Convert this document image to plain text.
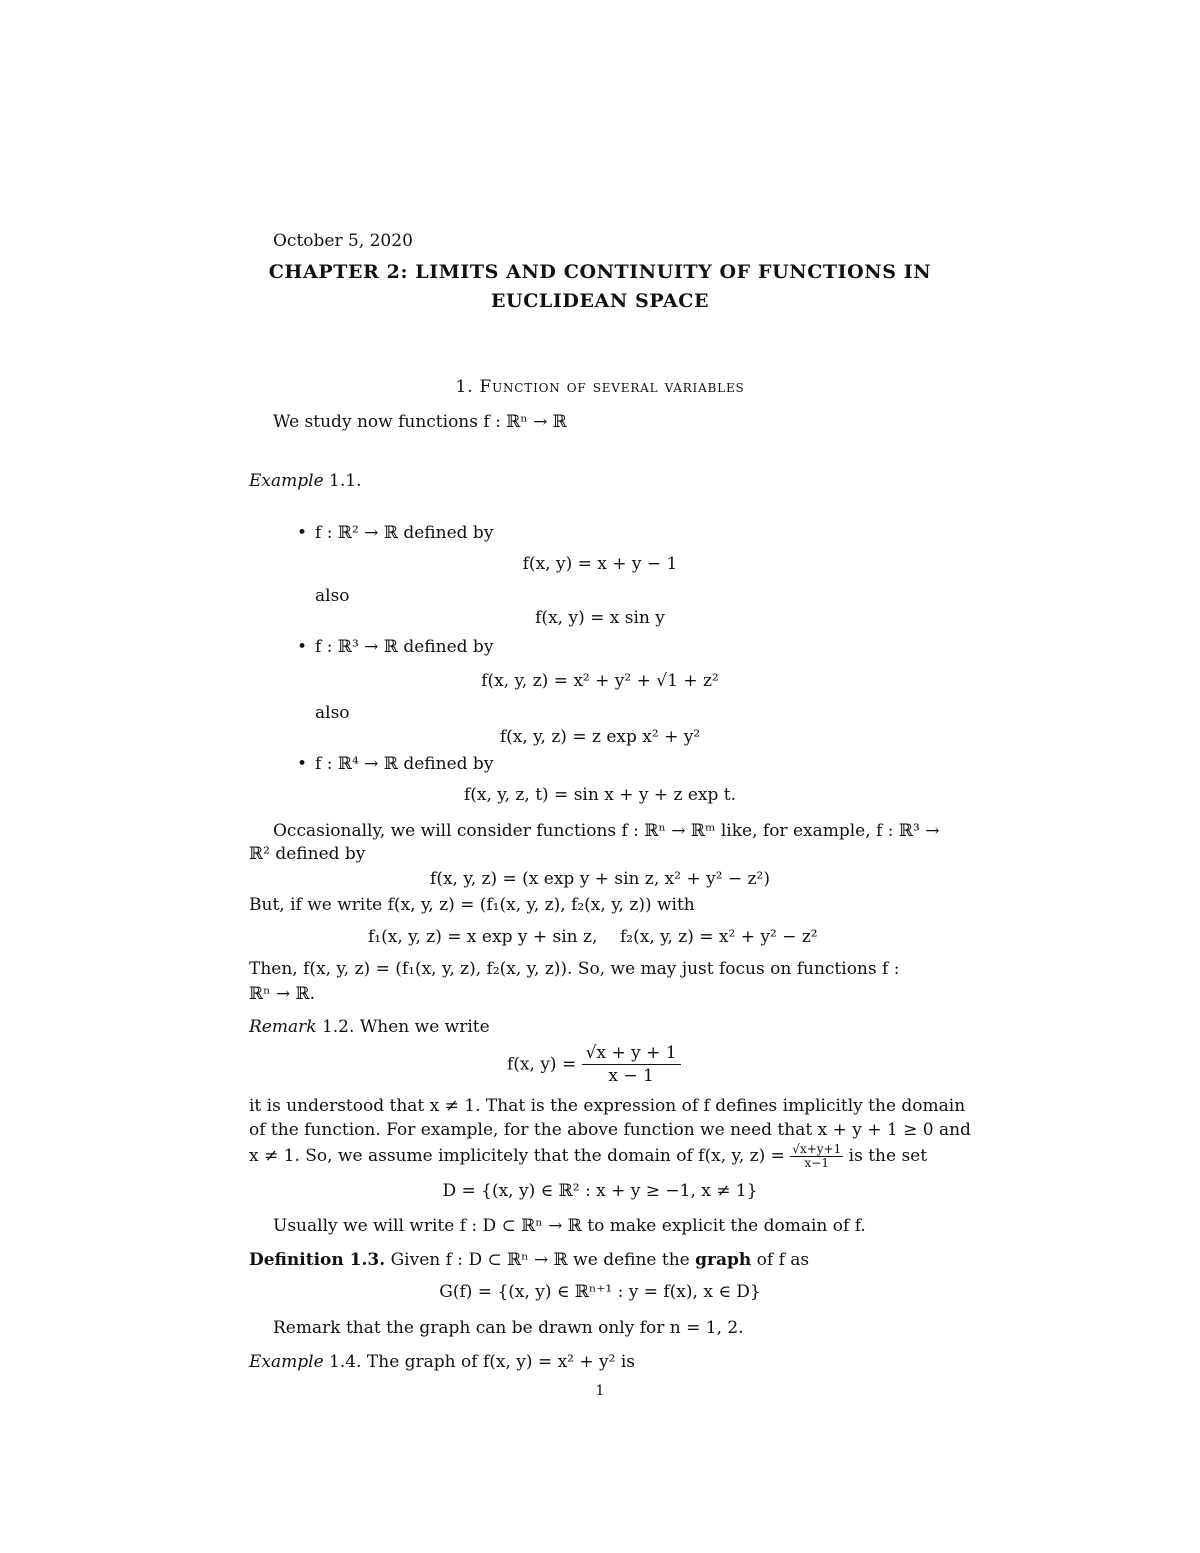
October 5, 2020
CHAPTER 2: LIMITS AND CONTINUITY OF FUNCTIONS IN
EUCLIDEAN SPACE
1. Function of several variables
We study now functions f : ℝⁿ → ℝ
Example 1.1.
• f : ℝ² → ℝ defined by
f(x, y) = x + y − 1
also
f(x, y) = x sin y
• f : ℝ³ → ℝ defined by
f(x, y, z) = x² + y² + √1 + z²
also
f(x, y, z) = z exp x² + y²
• f : ℝ⁴ → ℝ defined by
f(x, y, z, t) = sin x + y + z exp t.
Occasionally, we will consider functions f : ℝⁿ → ℝᵐ like, for example, f : ℝ³ →
ℝ² defined by
f(x, y, z) = (x exp y + sin z, x² + y² − z²)
But, if we write f(x, y, z) = (f₁(x, y, z), f₂(x, y, z)) with
f₁(x, y, z) = x exp y + sin z, f₂(x, y, z) = x² + y² − z²
Then, f(x, y, z) = (f₁(x, y, z), f₂(x, y, z)). So, we may just focus on functions f :
ℝⁿ → ℝ.
Remark 1.2. When we write
f(x, $y) = \frac{√x + y + 1}{x - 1}$
it is understood that x ≠ 1. That is the expression of f defines implicitly the domain
of the function. For example, for the above function we need that x + y + 1 ≥ 0 and
x ≠ 1. So, we assume implicitely that the domain of f(x, y, $z) = \frac{√x+y+1}{x-1}$ is the set
D = {(x, y) ∈ ℝ² : x + y ≥ −1, x ≠ 1}
Usually we will write f : D ⊂ ℝⁿ → ℝ to make explicit the domain of f.
Definition 1.3. Given f : D ⊂ ℝⁿ → ℝ we define the graph of f as
G(f) = {(x, y) ∈ ℝⁿ⁺¹ : y = f(x), x ∈ D}
Remark that the graph can be drawn only for n = 1, 2.
Example 1.4. The graph of f(x, y) = x² + y² is
1
